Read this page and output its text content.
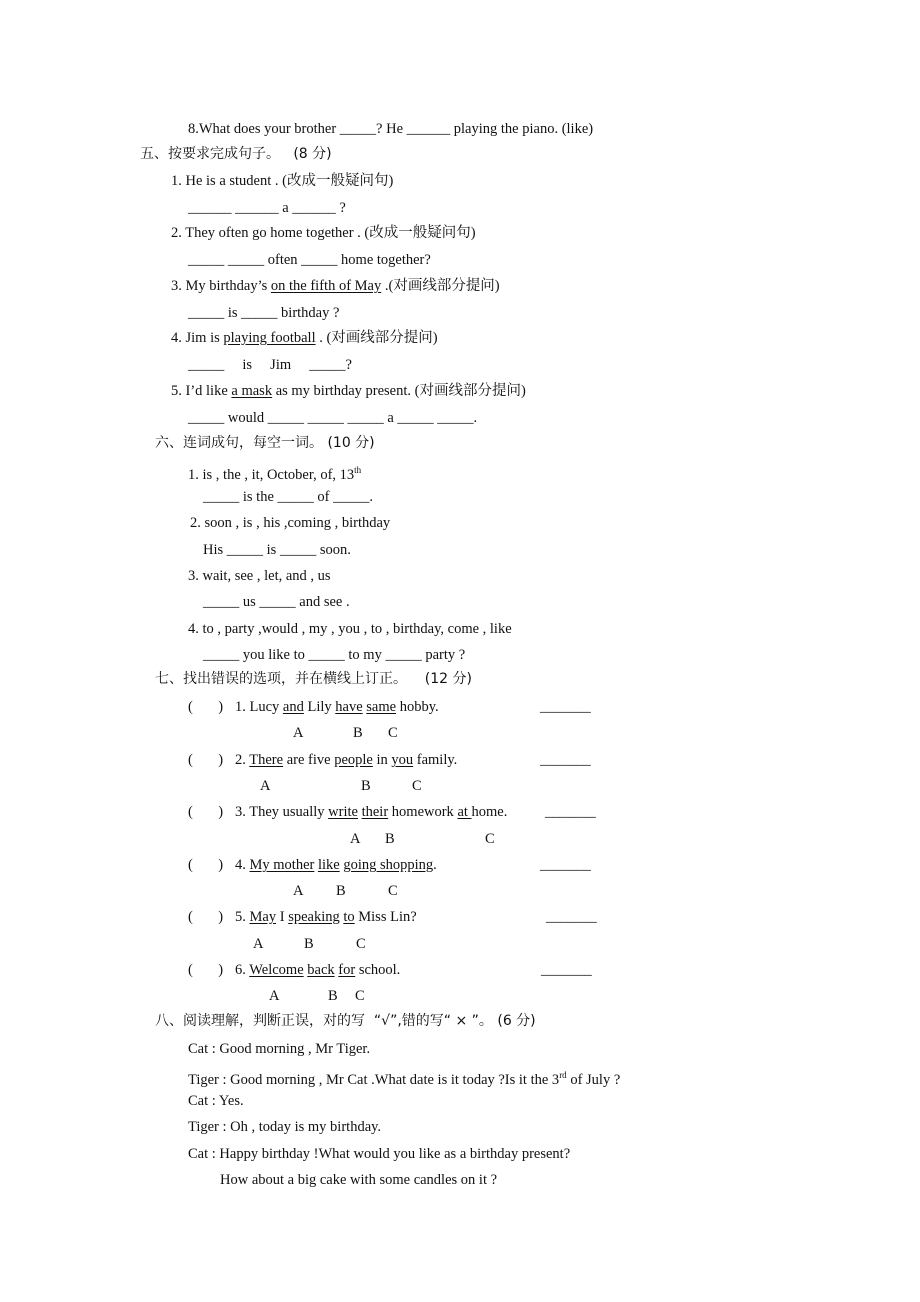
8.What does your brother _____? He ______ playing the piano. (like)
五、按要求完成句子。   (8 分)
1. He is a student . (改成一般疑问句)
______ ______ a ______ ?
2. They often go home together . (改成一般疑问句)
_____ _____ often _____ home together?
3. My birthday’s on the fifth of May .(对画线部分提问)
_____ is _____ birthday ?
4. Jim is playing football . (对画线部分提问)
_____     is     Jim     _____?
5. I’d like a mask as my birthday present. (对画线部分提问)
_____ would _____ _____ _____ a _____ _____.
六、连词成句，每空一词。 (10 分)
1. is , the , it, October, of, 13th
_____ is the _____ of _____.
2. soon , is , his ,coming , birthday
His _____ is _____ soon.
3. wait, see , let, and , us
_____ us _____ and see .
4. to , party ,would , my , you , to , birthday, come , like
_____ you like to _____ to my _____ party ?
七、找出错误的选项，并在横线上订正。    (12 分)
(       ) 1. Lucy and Lily have same hobby.	_______
A	B C
(       ) 2. There are five people in you family.	_______
A	B	C
(       ) 3. They usually write their homework at home.	_______
A B	C
(       ) 4. My mother like going shopping.	_______
A B	C
(       ) 5. May I speaking to Miss Lin?	_______
A	B	C
(       ) 6. Welcome back for school.	_______
A	B C
八、阅读理解，判断正误，对的写  “√”,错的写“ × ”。 (6 分)
Cat : Good morning , Mr Tiger.
Tiger : Good morning , Mr Cat .What date is it today ?Is it the 3rd of July ?
Cat : Yes.
Tiger : Oh , today is my birthday.
Cat : Happy birthday !What would you like as a birthday present?
How about a big cake with some candles on it ?
